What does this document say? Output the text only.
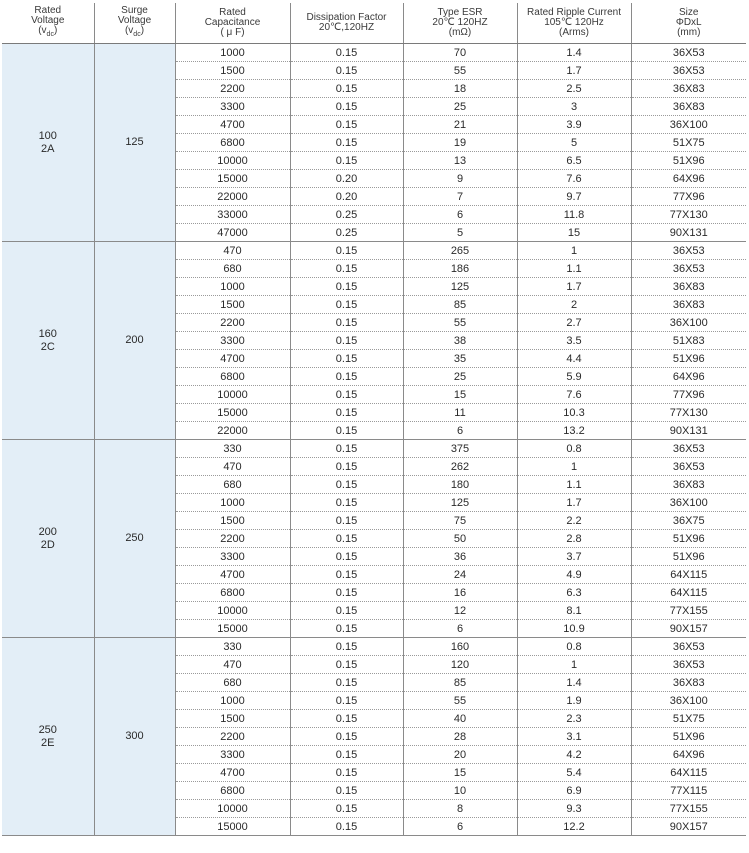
Rated
Voltage
$(v_{dc})$	Surge
Voltage
$(v_{dc})$	Rated
Capacitance
( μ F)	Dissipation Factor
20℃,120HZ	Type ESR
20℃ 120HZ
(mΩ)	Rated Ripple Current
105℃ 120Hz
(Arms)	Size
ΦDxL
(mm)

100
2A	125	1000	0.15	70	1.4	36X53
		1500	0.15	55	1.7	36X53
		2200	0.15	18	2.5	36X83
		3300	0.15	25	3	36X83
		4700	0.15	21	3.9	36X100
		6800	0.15	19	5	51X75
		10000	0.15	13	6.5	51X96
		15000	0.20	9	7.6	64X96
		22000	0.20	7	9.7	77X96
		33000	0.25	6	11.8	77X130
		47000	0.25	5	15	90X131

160
2C	200	470	0.15	265	1	36X53
		680	0.15	186	1.1	36X53
		1000	0.15	125	1.7	36X83
		1500	0.15	85	2	36X83
		2200	0.15	55	2.7	36X100
		3300	0.15	38	3.5	51X83
		4700	0.15	35	4.4	51X96
		6800	0.15	25	5.9	64X96
		10000	0.15	15	7.6	77X96
		15000	0.15	11	10.3	77X130
		22000	0.15	6	13.2	90X131

200
2D	250	330	0.15	375	0.8	36X53
		470	0.15	262	1	36X53
		680	0.15	180	1.1	36X83
		1000	0.15	125	1.7	36X100
		1500	0.15	75	2.2	36X75
		2200	0.15	50	2.8	51X96
		3300	0.15	36	3.7	51X96
		4700	0.15	24	4.9	64X115
		6800	0.15	16	6.3	64X115
		10000	0.15	12	8.1	77X155
		15000	0.15	6	10.9	90X157

250
2E	300	330	0.15	160	0.8	36X53
		470	0.15	120	1	36X53
		680	0.15	85	1.4	36X83
		1000	0.15	55	1.9	36X100
		1500	0.15	40	2.3	51X75
		2200	0.15	28	3.1	51X96
		3300	0.15	20	4.2	64X96
		4700	0.15	15	5.4	64X115
		6800	0.15	10	6.9	77X115
		10000	0.15	8	9.3	77X155
		15000	0.15	6	12.2	90X157
